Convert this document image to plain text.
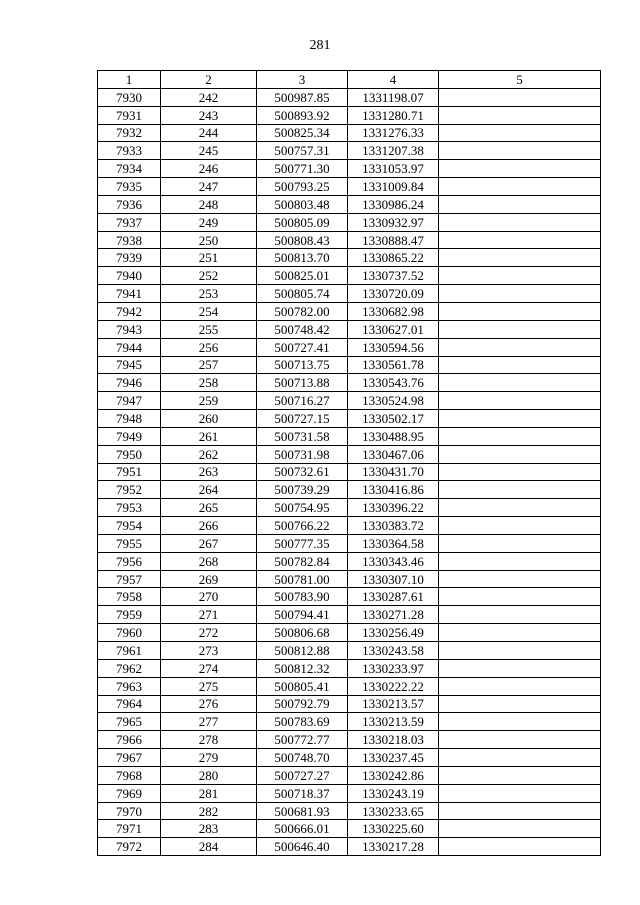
281
1	2	3	4	5
7930	242	500987.85	1331198.07	
7931	243	500893.92	1331280.71	
7932	244	500825.34	1331276.33	
7933	245	500757.31	1331207.38	
7934	246	500771.30	1331053.97	
7935	247	500793.25	1331009.84	
7936	248	500803.48	1330986.24	
7937	249	500805.09	1330932.97	
7938	250	500808.43	1330888.47	
7939	251	500813.70	1330865.22	
7940	252	500825.01	1330737.52	
7941	253	500805.74	1330720.09	
7942	254	500782.00	1330682.98	
7943	255	500748.42	1330627.01	
7944	256	500727.41	1330594.56	
7945	257	500713.75	1330561.78	
7946	258	500713.88	1330543.76	
7947	259	500716.27	1330524.98	
7948	260	500727.15	1330502.17	
7949	261	500731.58	1330488.95	
7950	262	500731.98	1330467.06	
7951	263	500732.61	1330431.70	
7952	264	500739.29	1330416.86	
7953	265	500754.95	1330396.22	
7954	266	500766.22	1330383.72	
7955	267	500777.35	1330364.58	
7956	268	500782.84	1330343.46	
7957	269	500781.00	1330307.10	
7958	270	500783.90	1330287.61	
7959	271	500794.41	1330271.28	
7960	272	500806.68	1330256.49	
7961	273	500812.88	1330243.58	
7962	274	500812.32	1330233.97	
7963	275	500805.41	1330222.22	
7964	276	500792.79	1330213.57	
7965	277	500783.69	1330213.59	
7966	278	500772.77	1330218.03	
7967	279	500748.70	1330237.45	
7968	280	500727.27	1330242.86	
7969	281	500718.37	1330243.19	
7970	282	500681.93	1330233.65	
7971	283	500666.01	1330225.60	
7972	284	500646.40	1330217.28	
